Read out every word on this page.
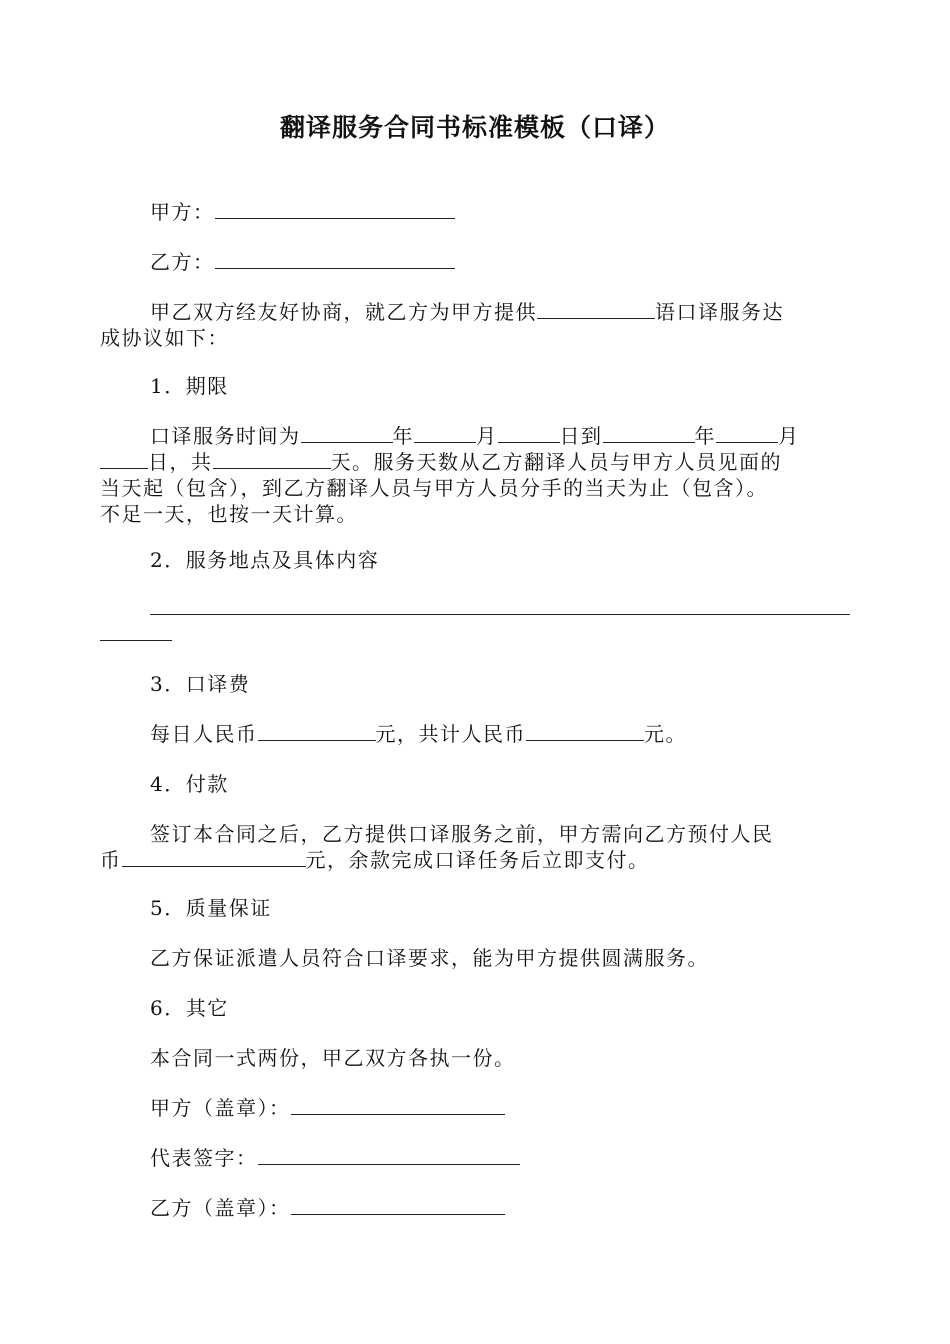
翻译服务合同书标准模板（口译）
甲方：
乙方：
甲乙双方经友好协商，就乙方为甲方提供	语口译服务达
成协议如下：
1．期限
口译服务时间为	年	月	日到	年	月
日，共	天。服务天数从乙方翻译人员与甲方人员见面的
当天起（包含），到乙方翻译人员与甲方人员分手的当天为止（包含）。
不足一天，也按一天计算。
2．服务地点及具体内容
3．口译费
每日人民币	元，共计人民币	元。
4．付款
签订本合同之后，乙方提供口译服务之前，甲方需向乙方预付人民
币	元，余款完成口译任务后立即支付。
5．质量保证
乙方保证派遣人员符合口译要求，能为甲方提供圆满服务。
6．其它
本合同一式两份，甲乙双方各执一份。
甲方（盖章）：
代表签字：
乙方（盖章）：
